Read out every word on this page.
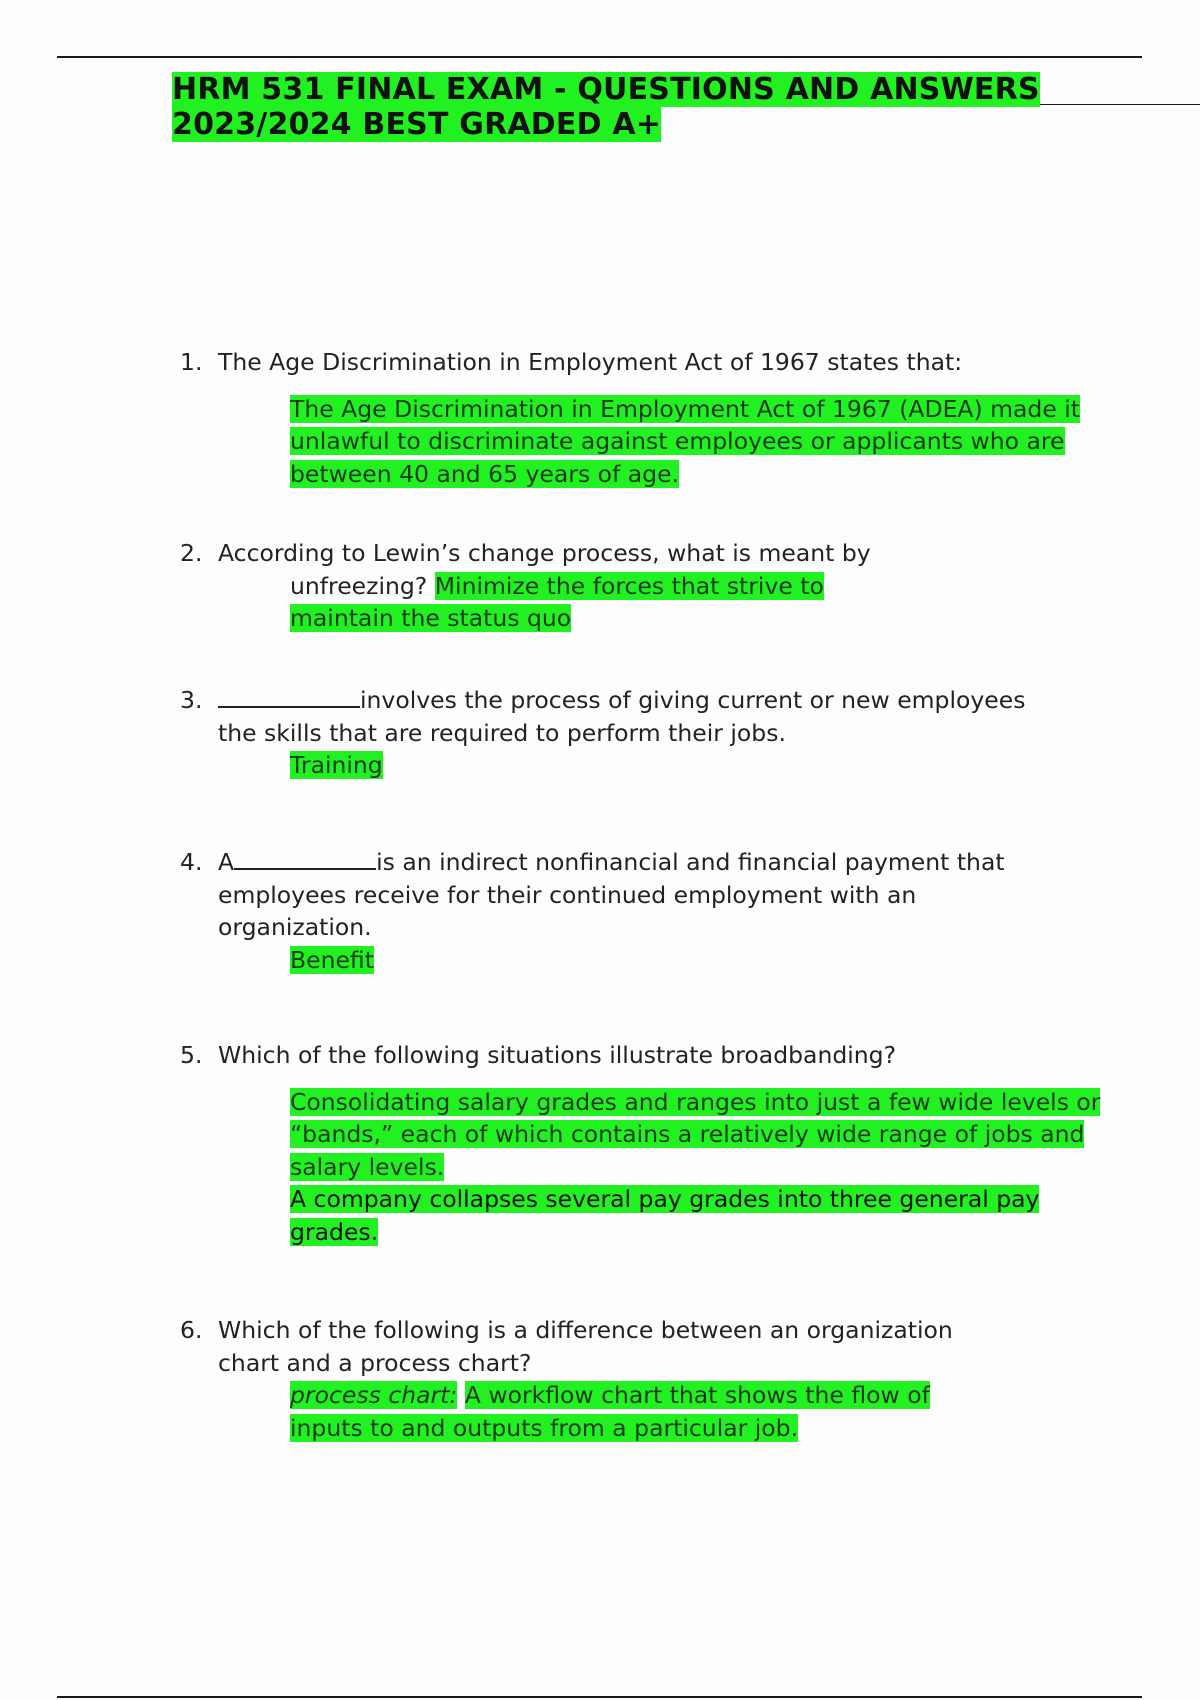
HRM 531 FINAL EXAM - QUESTIONS AND ANSWERS
2023/2024 BEST GRADED A+
1. The Age Discrimination in Employment Act of 1967 states that:
The Age Discrimination in Employment Act of 1967 (ADEA) made it unlawful to discriminate against employees or applicants who are between 40 and 65 years of age.
2. According to Lewin’s change process, what is meant by
unfreezing? Minimize the forces that strive to
maintain the status quo
3.	involves the process of giving current or new employees the skills that are required to perform their jobs.
Training
4. A	is an indirect nonfinancial and financial payment that employees receive for their continued employment with an organization.
Benefit
5. Which of the following situations illustrate broadbanding?
Consolidating salary grades and ranges into just a few wide levels or “bands,” each of which contains a relatively wide range of jobs and salary levels.
A company collapses several pay grades into three general pay grades.
6. Which of the following is a difference between an organization chart and a process chart?
process chart: A workflow chart that shows the flow of
inputs to and outputs from a particular job.
